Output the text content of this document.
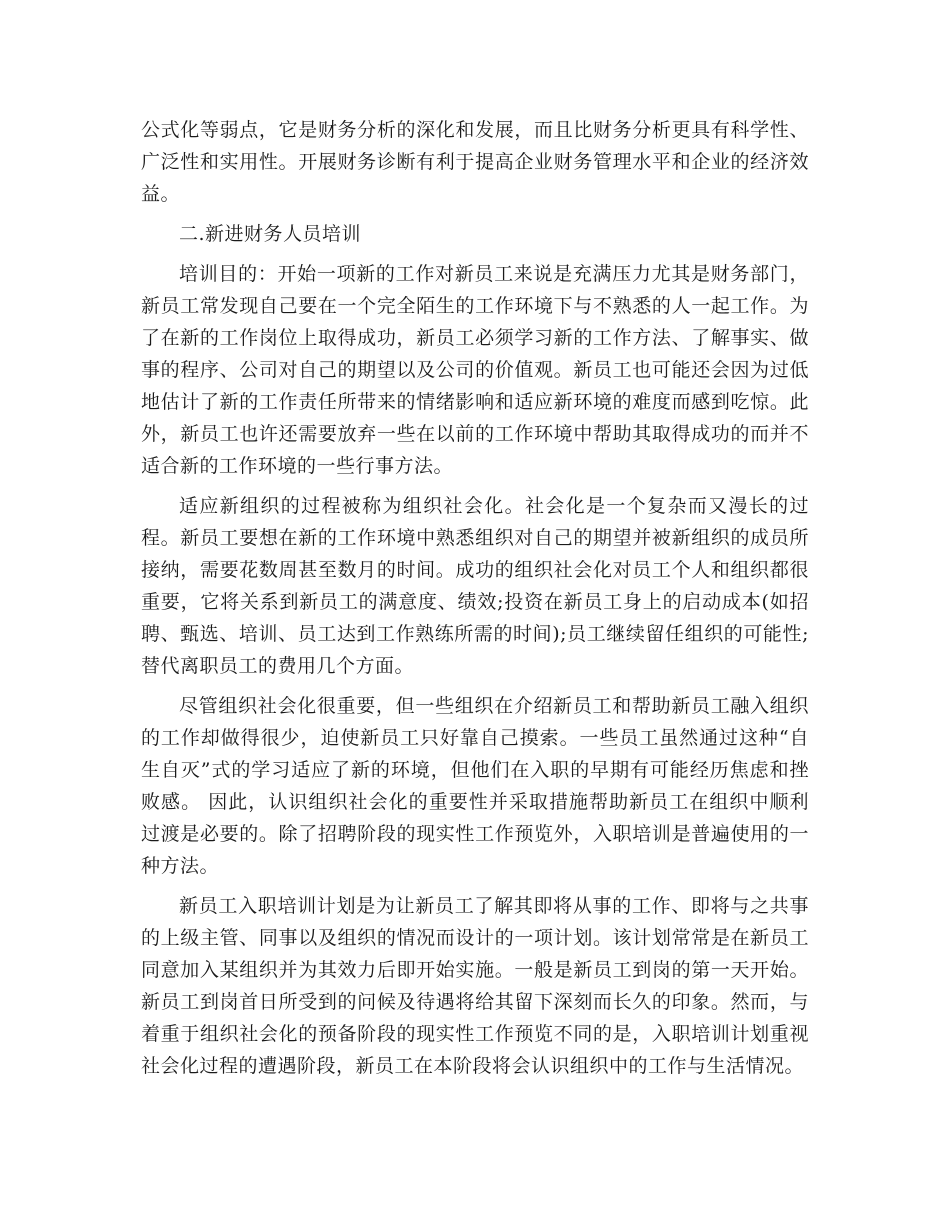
公式化等弱点，它是财务分析的深化和发展，而且比财务分析更具有科学性、广泛性和实用性。开展财务诊断有利于提高企业财务管理水平和企业的经济效益。

二.新进财务人员培训

培训目的：开始一项新的工作对新员工来说是充满压力尤其是财务部门，新员工常发现自己要在一个完全陌生的工作环境下与不熟悉的人一起工作。为了在新的工作岗位上取得成功，新员工必须学习新的工作方法、了解事实、做事的程序、公司对自己的期望以及公司的价值观。新员工也可能还会因为过低地估计了新的工作责任所带来的情绪影响和适应新环境的难度而感到吃惊。此外，新员工也许还需要放弃一些在以前的工作环境中帮助其取得成功的而并不适合新的工作环境的一些行事方法。

适应新组织的过程被称为组织社会化。社会化是一个复杂而又漫长的过程。新员工要想在新的工作环境中熟悉组织对自己的期望并被新组织的成员所接纳，需要花数周甚至数月的时间。成功的组织社会化对员工个人和组织都很重要，它将关系到新员工的满意度、绩效;投资在新员工身上的启动成本(如招聘、甄选、培训、员工达到工作熟练所需的时间);员工继续留任组织的可能性;替代离职员工的费用几个方面。

尽管组织社会化很重要，但一些组织在介绍新员工和帮助新员工融入组织的工作却做得很少，迫使新员工只好靠自己摸索。一些员工虽然通过这种“自生自灭”式的学习适应了新的环境，但他们在入职的早期有可能经历焦虑和挫败感。 因此，认识组织社会化的重要性并采取措施帮助新员工在组织中顺利过渡是必要的。除了招聘阶段的现实性工作预览外，入职培训是普遍使用的一种方法。

新员工入职培训计划是为让新员工了解其即将从事的工作、即将与之共事的上级主管、同事以及组织的情况而设计的一项计划。该计划常常是在新员工同意加入某组织并为其效力后即开始实施。一般是新员工到岗的第一天开始。新员工到岗首日所受到的问候及待遇将给其留下深刻而长久的印象。然而，与着重于组织社会化的预备阶段的现实性工作预览不同的是，入职培训计划重视社会化过程的遭遇阶段，新员工在本阶段将会认识组织中的工作与生活情况。
